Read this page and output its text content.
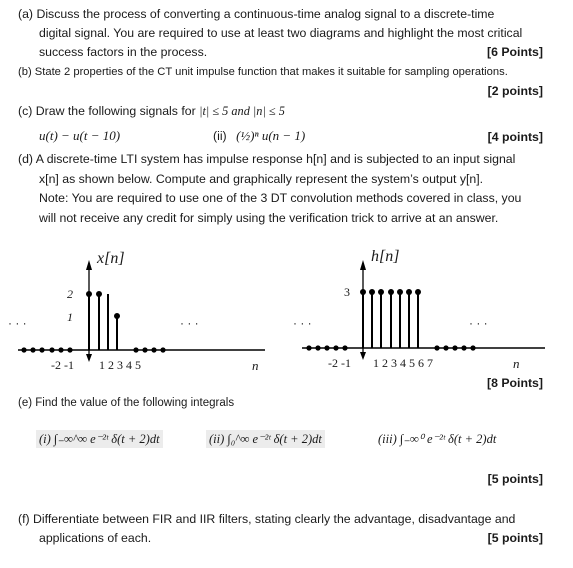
(a) Discuss the process of converting a continuous-time analog signal to a discrete-time
digital signal. You are required to use at least two diagrams and highlight the most critical
success factors in the process.	[6 Points]
(b) State 2 properties of the CT unit impulse function that makes it suitable for sampling operations.
[2 points]
(c) Draw the following signals for |t| ≤ 5 and |n| ≤ 5
u(t) − u(t − 10)	(ii) (½)ⁿ u(n − 1)	[4 points]
(d) A discrete-time LTI system has impulse response h[n] and is subjected to an input signal
x[n] as shown below. Compute and graphically represent the system’s output y[n].
Note: You are required to use one of the 3 DT convolution methods covered in class, you
will not receive any credit for simply using the verification trick to arrive at an answer.
x[n]
2
1
· · ·	· · ·
-2 -1 1 2 3 4 5	n
h[n]
3
· · ·	· · ·
-2 -1 1 2 3 4 5 6 7	n
[8 Points]
(e) Find the value of the following integrals
(i) ∫₋∞^∞ e⁻²ᵗ δ(t + 2)dt	(ii) ∫₀^∞ e⁻²ᵗ δ(t + 2)dt	(iii) ∫₋∞⁰ e⁻²ᵗ δ(t + 2)dt
[5 points]
(f) Differentiate between FIR and IIR filters, stating clearly the advantage, disadvantage and
applications of each.	[5 points]
